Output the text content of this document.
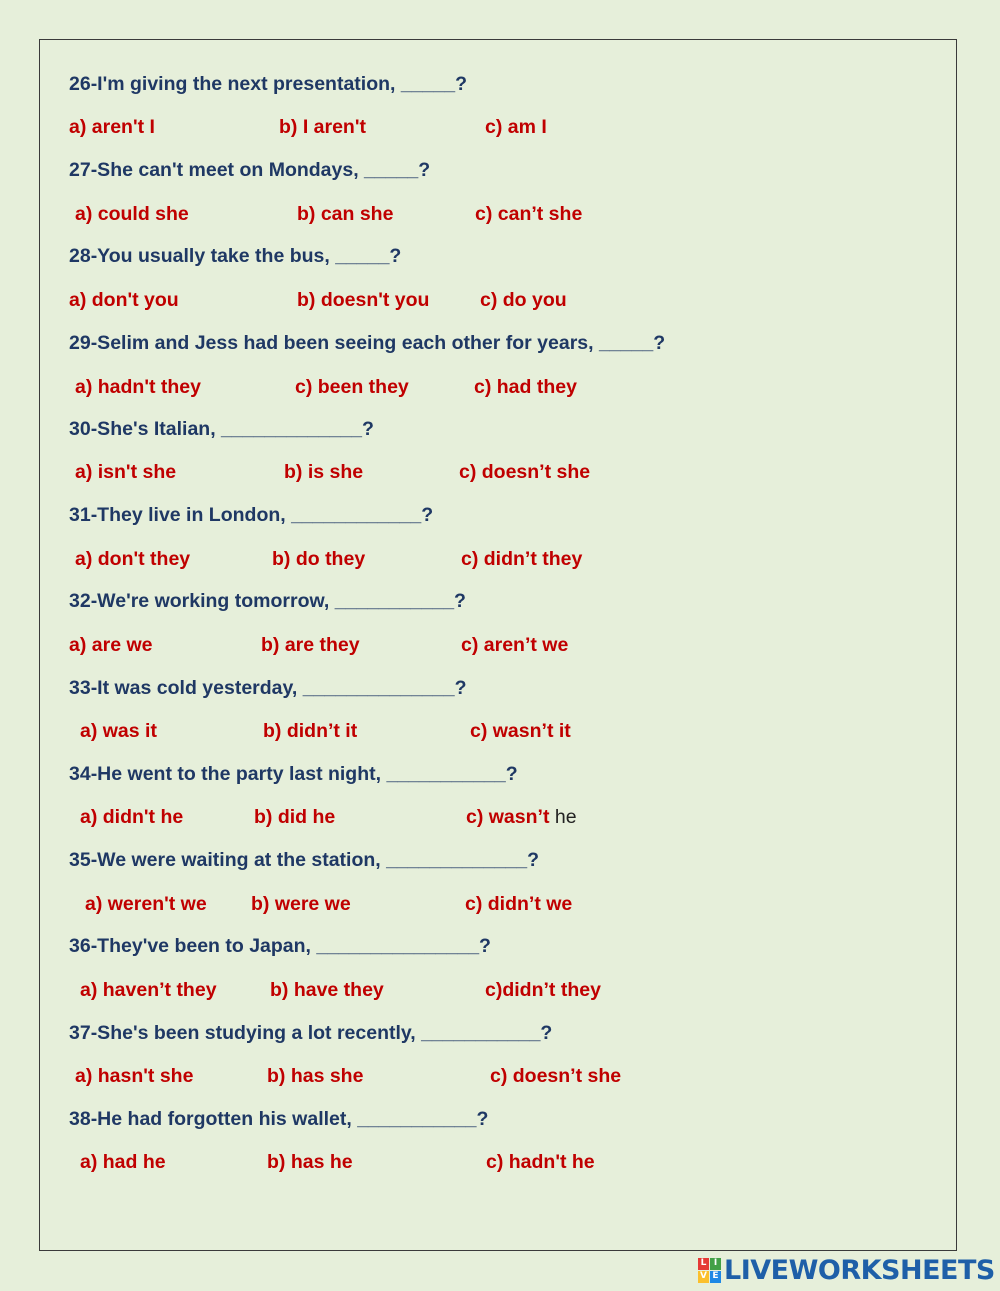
26-I'm giving the next presentation, _____?
a) aren't I	b) I aren't	c) am I
27-She can't meet on Mondays, _____?
a) could she	b) can she	c) can’t she
28-You usually take the bus, _____?
a) don't you	b) doesn't you	c) do you
29-Selim and Jess had been seeing each other for years, _____?
a) hadn't they	c) been they	c) had they
30-She's Italian, _____________?
a) isn't she	b) is she	c) doesn’t she
31-They live in London, ____________?
a) don't they	b) do they	c) didn’t they
32-We're working tomorrow, ___________?
a) are we	b) are they	c) aren’t we
33-It was cold yesterday, ______________?
a) was it	b) didn’t it	c) wasn’t it
34-He went to the party last night, ___________?
a) didn't he	b) did he	c) wasn’t he
35-We were waiting at the station, _____________?
a) weren't we b) were we	c) didn’t we
36-They've been to Japan, _______________?
a) haven’t they	b) have they	c)didn’t they
37-She's been studying a lot recently, ___________?
a) hasn't she	b) has she	c) doesn’t she
38-He had forgotten his wallet, ___________?
a) had he	b) has he	c) hadn't he
L I
V E LIVEWORKSHEETS
